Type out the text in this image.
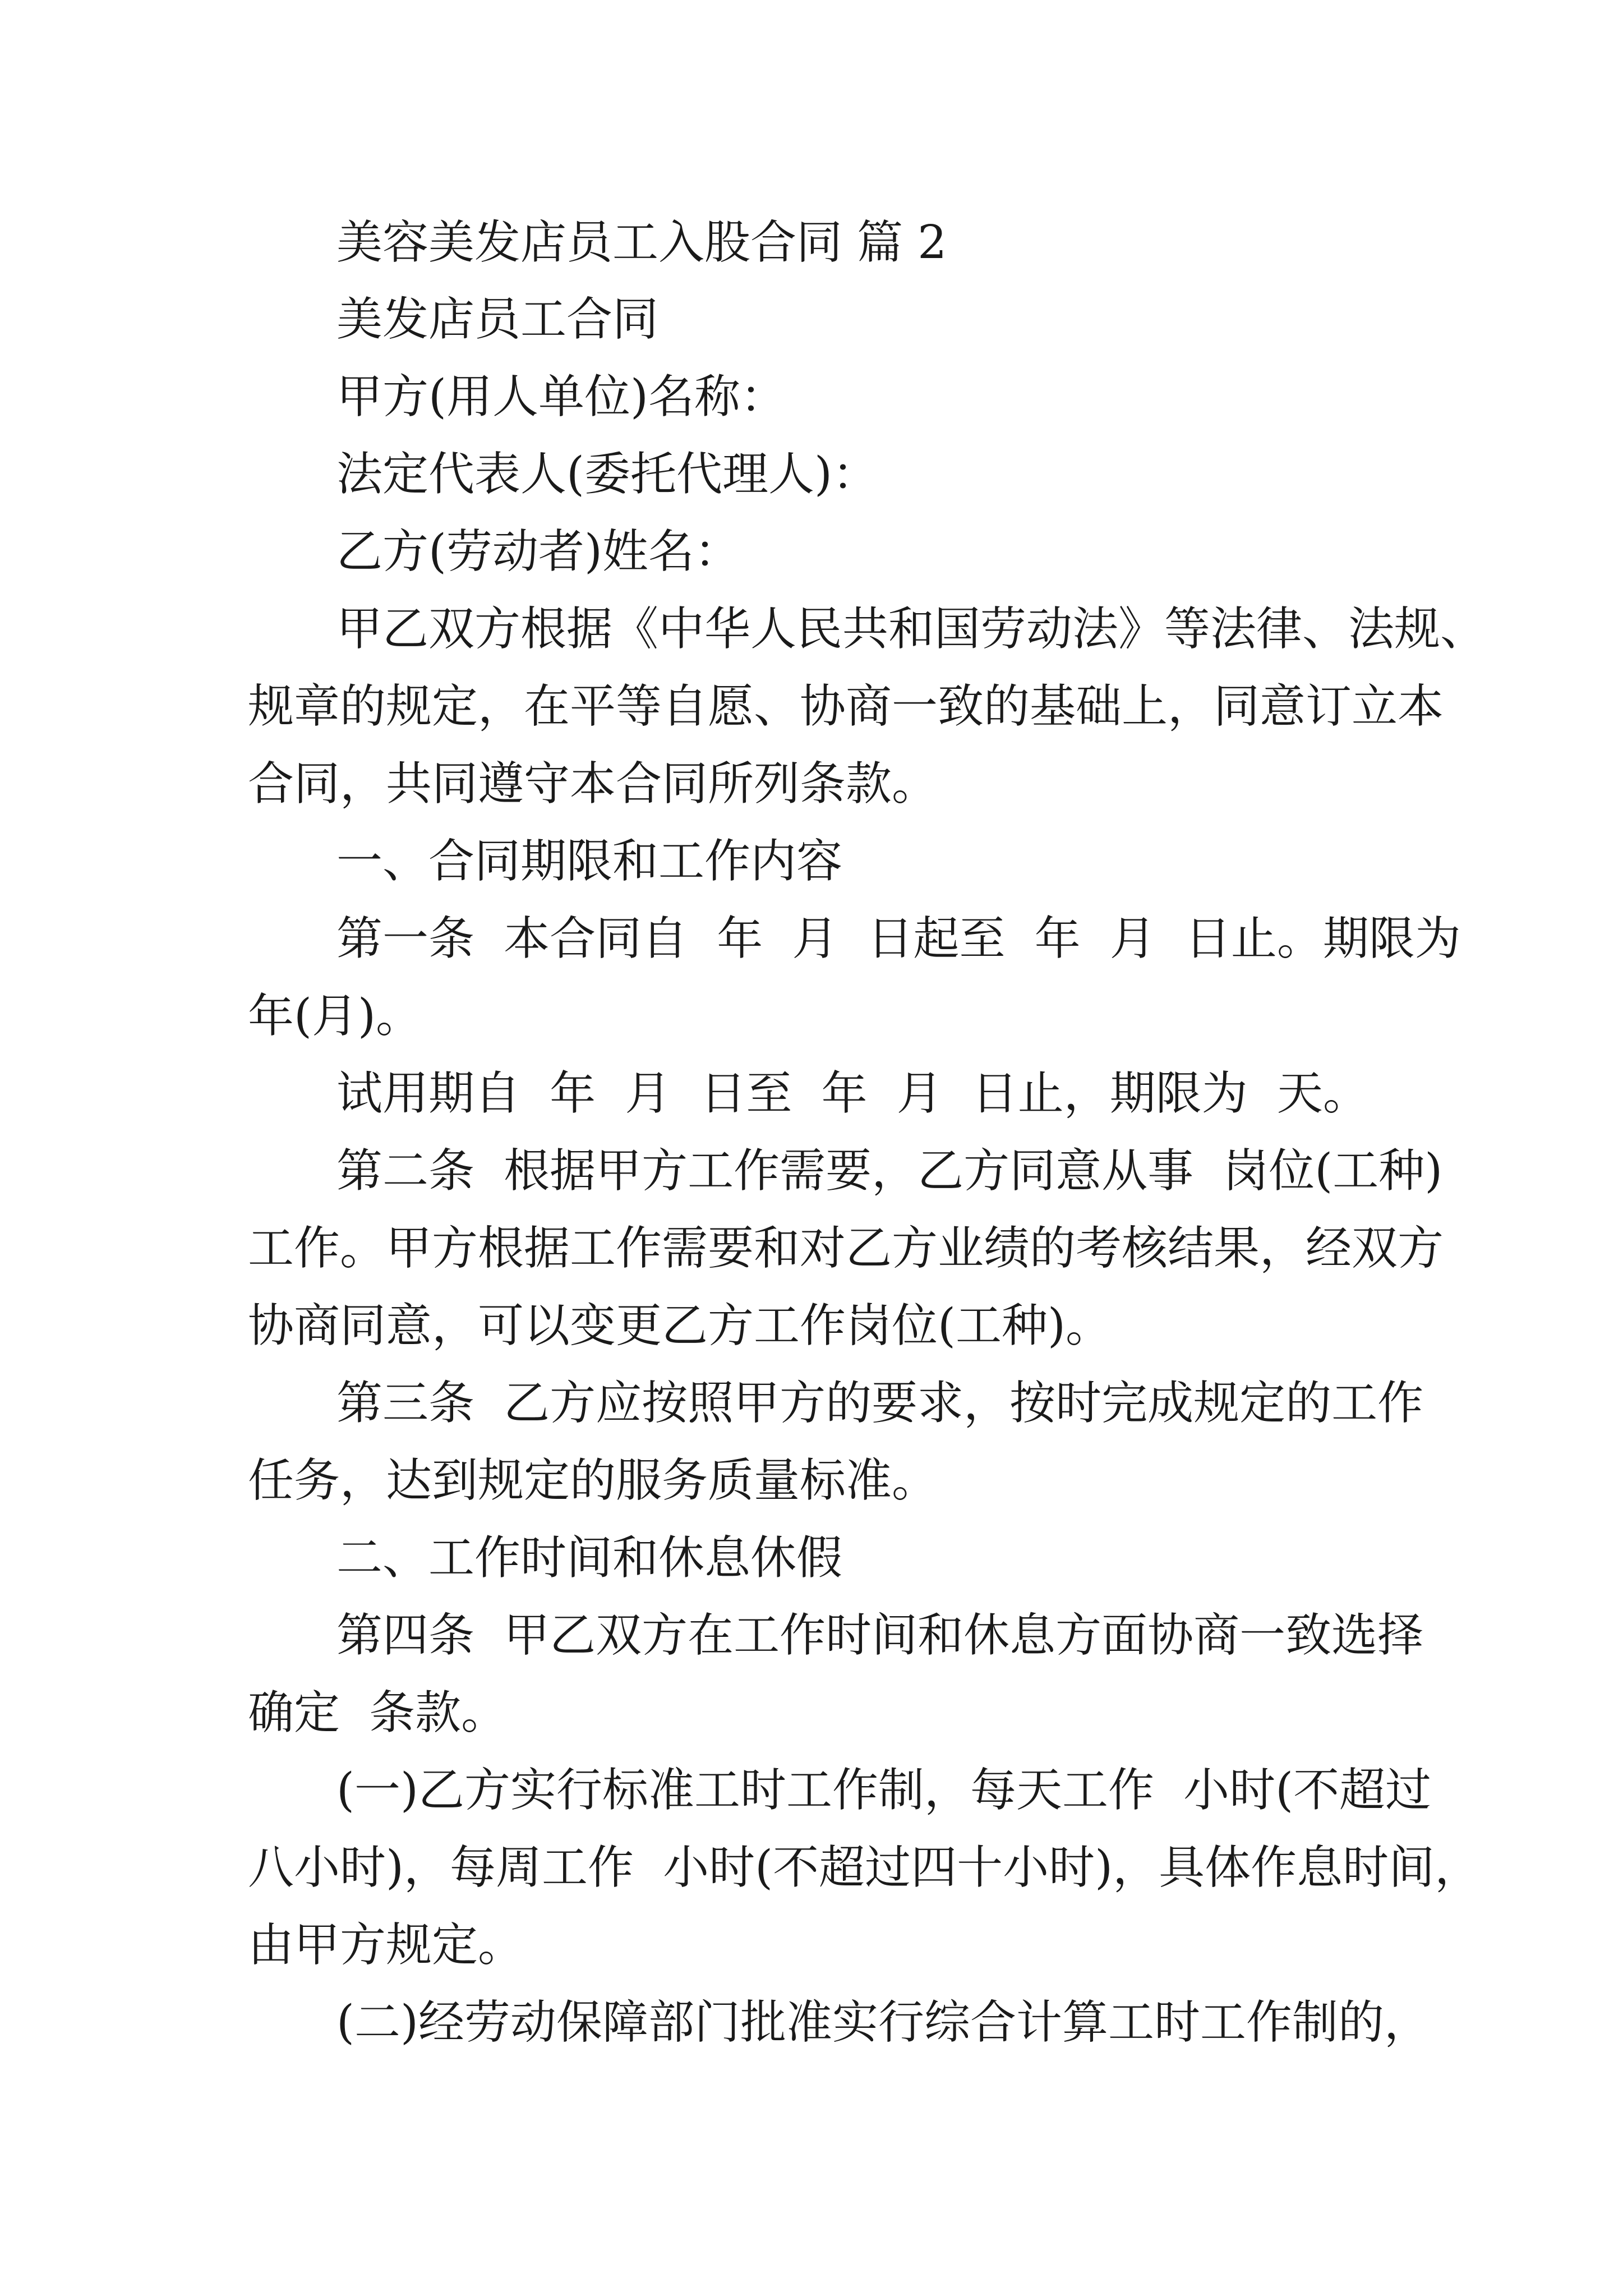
美容美发店员工入股合同 篇 2
美发店员工合同
甲方(用人单位)名称：
法定代表人(委托代理人)：
乙方(劳动者)姓名：
甲乙双方根据《中华人民共和国劳动法》等法律、法规、
规章的规定，在平等自愿、协商一致的基础上，同意订立本
合同，共同遵守本合同所列条款。
一、合同期限和工作内容
第一条  本合同自  年  月  日起至  年  月  日止。期限为
年(月)。
试用期自  年  月  日至  年  月  日止，期限为  天。
第二条  根据甲方工作需要，乙方同意从事  岗位(工种)
工作。甲方根据工作需要和对乙方业绩的考核结果，经双方
协商同意，可以变更乙方工作岗位(工种)。
第三条  乙方应按照甲方的要求，按时完成规定的工作
任务，达到规定的服务质量标准。
二、工作时间和休息休假
第四条  甲乙双方在工作时间和休息方面协商一致选择
确定  条款。
(一)乙方实行标准工时工作制，每天工作  小时(不超过
八小时)，每周工作  小时(不超过四十小时)，具体作息时间，
由甲方规定。
(二)经劳动保障部门批准实行综合计算工时工作制的，
